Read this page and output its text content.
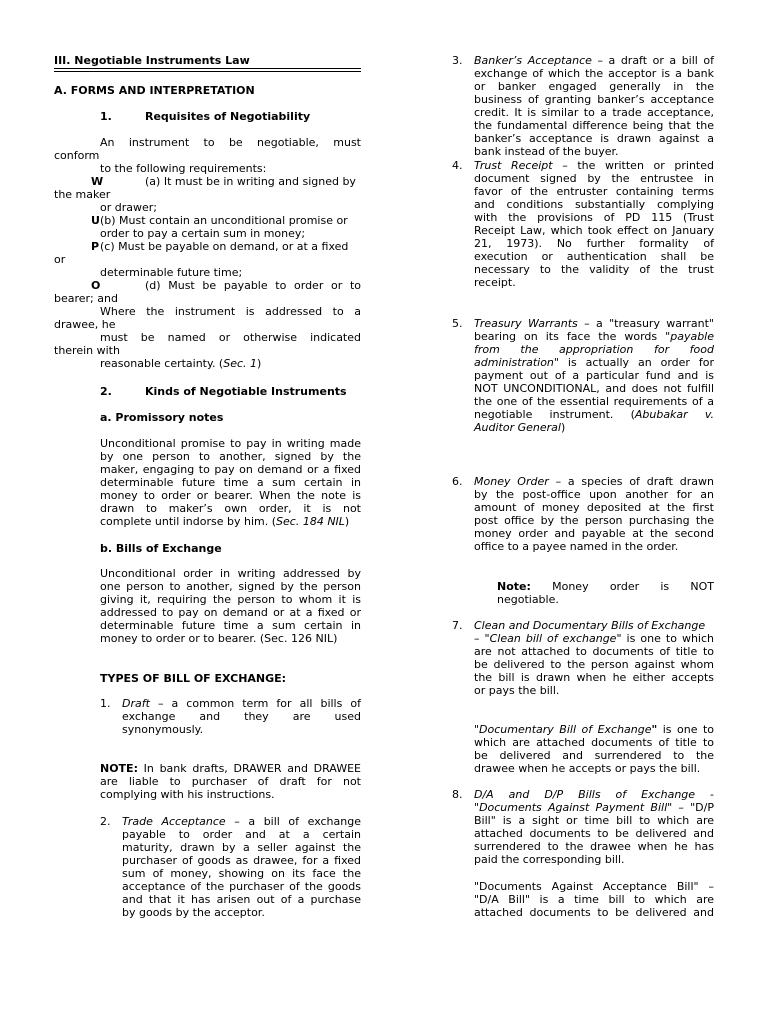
III. Negotiable Instruments Law
A. FORMS AND INTERPRETATION
1.	Requisites of Negotiability
An instrument to be negotiable, must
conform
to the following requirements:
W	(a) It must be in writing and signed by
the maker
or drawer;
U (b) Must contain an unconditional promise or
order to pay a certain sum in money;
P (c) Must be payable on demand, or at a fixed
or
determinable future time;
O	(d) Must be payable to order or to
bearer; and
Where the instrument is addressed to a
drawee, he
must be named or otherwise indicated
therein with
reasonable certainty. (Sec. 1)
2.	Kinds of Negotiable Instruments
a. Promissory notes
Unconditional promise to pay in writing made
by one person to another, signed by the
maker, engaging to pay on demand or a fixed
determinable future time a sum certain in
money to order or bearer. When the note is
drawn to maker’s own order, it is not
complete until indorse by him. (Sec. 184 NIL)
b. Bills of Exchange
Unconditional order in writing addressed by
one person to another, signed by the person
giving it, requiring the person to whom it is
addressed to pay on demand or at a fixed or
determinable future time a sum certain in
money to order or to bearer. (Sec. 126 NIL)
TYPES OF BILL OF EXCHANGE:
1. Draft – a common term for all bills of
exchange and they are used
synonymously.
NOTE: In bank drafts, DRAWER and DRAWEE
are liable to purchaser of draft for not
complying with his instructions.
2. Trade Acceptance – a bill of exchange
payable to order and at a certain
maturity, drawn by a seller against the
purchaser of goods as drawee, for a fixed
sum of money, showing on its face the
acceptance of the purchaser of the goods
and that it has arisen out of a purchase
by goods by the acceptor.
3. Banker’s Acceptance – a draft or a bill of
exchange of which the acceptor is a bank
or banker engaged generally in the
business of granting banker’s acceptance
credit. It is similar to a trade acceptance,
the fundamental difference being that the
banker’s acceptance is drawn against a
bank instead of the buyer.
4. Trust Receipt – the written or printed
document signed by the entrustee in
favor of the entruster containing terms
and conditions substantially complying
with the provisions of PD 115 (Trust
Receipt Law, which took effect on January
21, 1973). No further formality of
execution or authentication shall be
necessary to the validity of the trust
receipt.
5. Treasury Warrants – a "treasury warrant"
bearing on its face the words "payable
from the appropriation for food
administration" is actually an order for
payment out of a particular fund and is
NOT UNCONDITIONAL, and does not fulfill
the one of the essential requirements of a
negotiable instrument. (Abubakar v.
Auditor General)
6. Money Order – a species of draft drawn
by the post-office upon another for an
amount of money deposited at the first
post office by the person purchasing the
money order and payable at the second
office to a payee named in the order.
Note: Money order is NOT
negotiable.
7. Clean and Documentary Bills of Exchange
– "Clean bill of exchange" is one to which
are not attached to documents of title to
be delivered to the person against whom
the bill is drawn when he either accepts
or pays the bill.
"Documentary Bill of Exchange" is one to
which are attached documents of title to
be delivered and surrendered to the
drawee when he accepts or pays the bill.
8. D/A and D/P Bills of Exchange -
"Documents Against Payment Bill" – "D/P
Bill" is a sight or time bill to which are
attached documents to be delivered and
surrendered to the drawee when he has
paid the corresponding bill.
"Documents Against Acceptance Bill" –
"D/A Bill" is a time bill to which are
attached documents to be delivered and
